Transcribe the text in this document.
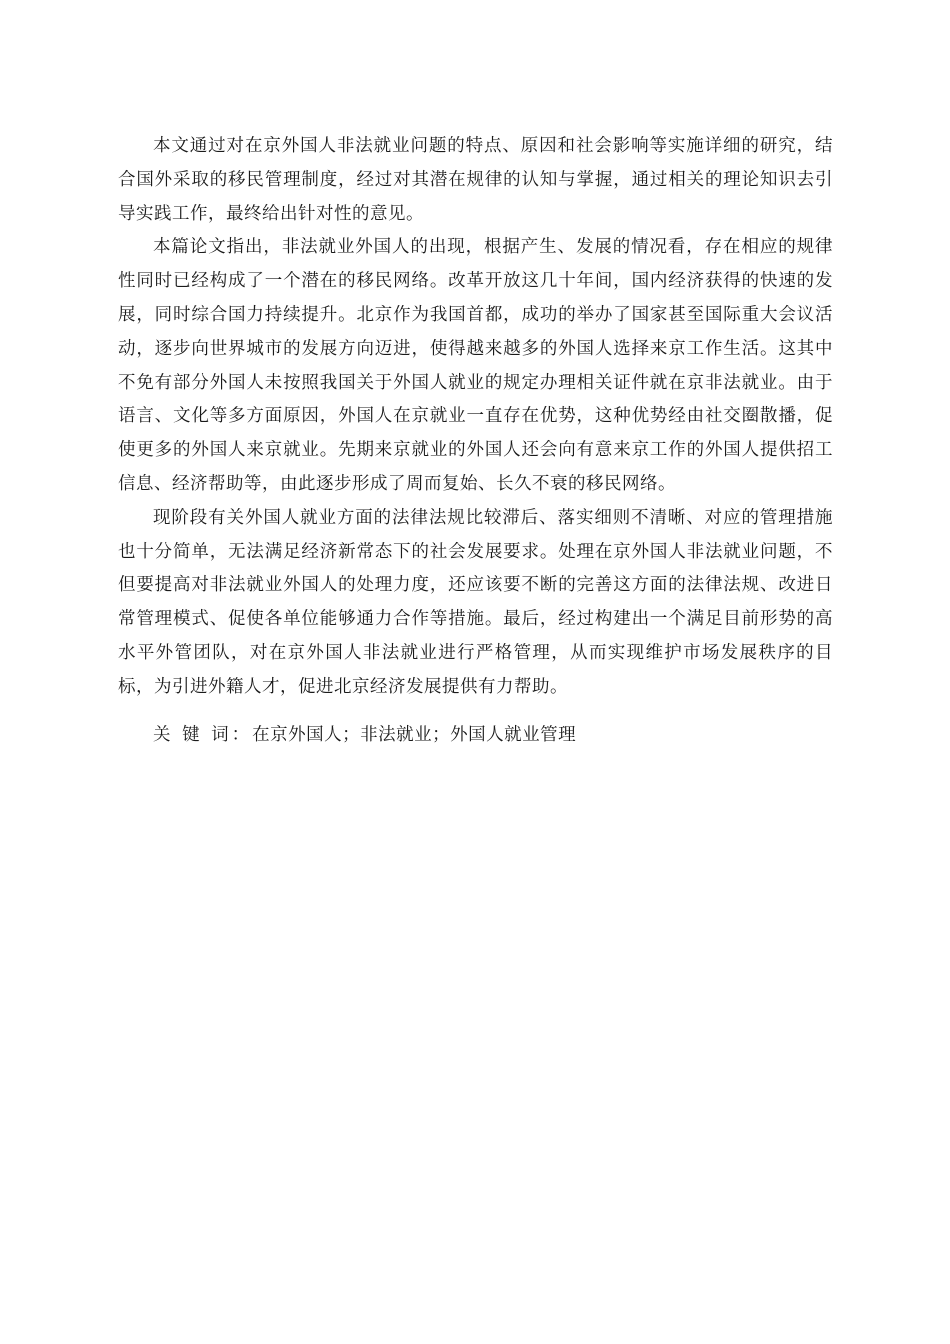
本文通过对在京外国人非法就业问题的特点、原因和社会影响等实施详细的研究，结合国外采取的移民管理制度，经过对其潜在规律的认知与掌握，通过相关的理论知识去引导实践工作，最终给出针对性的意见。

本篇论文指出，非法就业外国人的出现，根据产生、发展的情况看，存在相应的规律性同时已经构成了一个潜在的移民网络。改革开放这几十年间，国内经济获得的快速的发展，同时综合国力持续提升。北京作为我国首都，成功的举办了国家甚至国际重大会议活动，逐步向世界城市的发展方向迈进，使得越来越多的外国人选择来京工作生活。这其中不免有部分外国人未按照我国关于外国人就业的规定办理相关证件就在京非法就业。由于语言、文化等多方面原因，外国人在京就业一直存在优势，这种优势经由社交圈散播，促使更多的外国人来京就业。先期来京就业的外国人还会向有意来京工作的外国人提供招工信息、经济帮助等，由此逐步形成了周而复始、长久不衰的移民网络。

现阶段有关外国人就业方面的法律法规比较滞后、落实细则不清晰、对应的管理措施也十分简单，无法满足经济新常态下的社会发展要求。处理在京外国人非法就业问题，不但要提高对非法就业外国人的处理力度，还应该要不断的完善这方面的法律法规、改进日常管理模式、促使各单位能够通力合作等措施。最后，经过构建出一个满足目前形势的高水平外管团队，对在京外国人非法就业进行严格管理，从而实现维护市场发展秩序的目标，为引进外籍人才，促进北京经济发展提供有力帮助。

关 键 词：在京外国人；非法就业；外国人就业管理
